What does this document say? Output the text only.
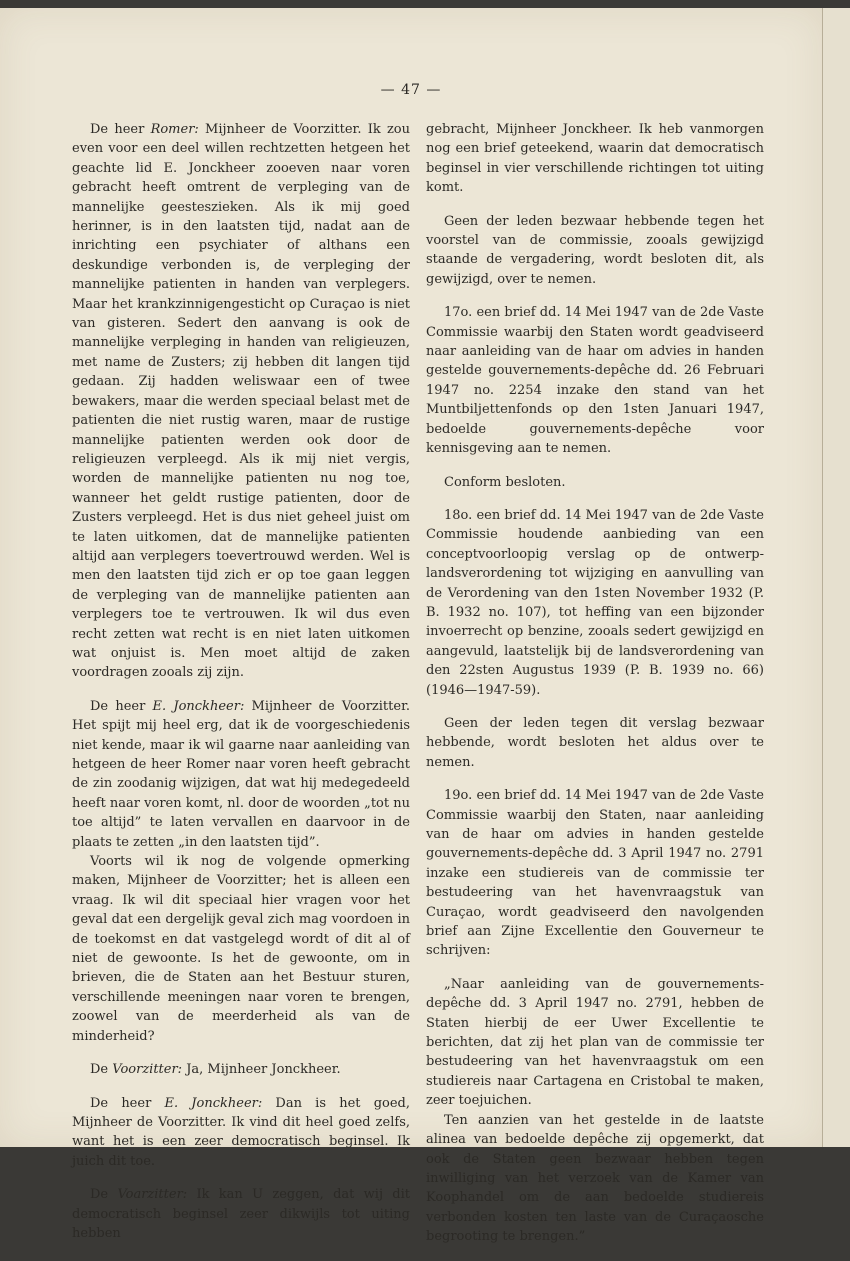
— 47 —

De heer Romer: Mijnheer de Voorzitter. Ik zou even voor een deel willen rechtzetten hetgeen het geachte lid E. Jonckheer zooeven naar voren gebracht heeft omtrent de verpleging van de mannelijke geesteszieken. Als ik mij goed herinner, is in den laatsten tijd, nadat aan de inrichting een psychiater of althans een deskundige verbonden is, de verpleging der mannelijke patienten in handen van verplegers. Maar het krankzinnigengesticht op Curaçao is niet van gisteren. Sedert den aanvang is ook de mannelijke verpleging in handen van religieuzen, met name de Zusters; zij hebben dit langen tijd gedaan. Zij hadden weliswaar een of twee bewakers, maar die werden speciaal belast met de patienten die niet rustig waren, maar de rustige mannelijke patienten werden ook door de religieuzen verpleegd. Als ik mij niet vergis, worden de mannelijke patienten nu nog toe, wanneer het geldt rustige patienten, door de Zusters verpleegd. Het is dus niet geheel juist om te laten uitkomen, dat de mannelijke patienten altijd aan verplegers toevertrouwd werden. Wel is men den laatsten tijd zich er op toe gaan leggen de verpleging van de mannelijke patienten aan verplegers toe te vertrouwen. Ik wil dus even recht zetten wat recht is en niet laten uitkomen wat onjuist is. Men moet altijd de zaken voordragen zooals zij zijn.

De heer E. Jonckheer: Mijnheer de Voorzitter. Het spijt mij heel erg, dat ik de voorgeschiedenis niet kende, maar ik wil gaarne naar aanleiding van hetgeen de heer Romer naar voren heeft gebracht de zin zoodanig wijzigen, dat wat hij medegedeeld heeft naar voren komt, nl. door de woorden „tot nu toe altijd” te laten vervallen en daarvoor in de plaats te zetten „in den laatsten tijd”.

Voorts wil ik nog de volgende opmerking maken, Mijnheer de Voorzitter; het is alleen een vraag. Ik wil dit speciaal hier vragen voor het geval dat een dergelijk geval zich mag voordoen in de toekomst en dat vastgelegd wordt of dit al of niet de gewoonte. Is het de gewoonte, om in brieven, die de Staten aan het Bestuur sturen, verschillende meeningen naar voren te brengen, zoowel van de meerderheid als van de minderheid?

De Voorzitter: Ja, Mijnheer Jonckheer.

De heer E. Jonckheer: Dan is het goed, Mijnheer de Voorzitter. Ik vind dit heel goed zelfs, want het is een zeer democratisch beginsel. Ik juich dit toe.

De Voarzitter: Ik kan U zeggen, dat wij dit democratisch beginsel zeer dikwijls tot uiting hebben

gebracht, Mijnheer Jonckheer. Ik heb vanmorgen nog een brief geteekend, waarin dat democratisch beginsel in vier verschillende richtingen tot uiting komt.

Geen der leden bezwaar hebbende tegen het voorstel van de commissie, zooals gewijzigd staande de vergadering, wordt besloten dit, als gewijzigd, over te nemen.

17o. een brief dd. 14 Mei 1947 van de 2de Vaste Commissie waarbij den Staten wordt geadviseerd naar aanleiding van de haar om advies in handen gestelde gouvernements-depêche dd. 26 Februari 1947 no. 2254 inzake den stand van het Muntbiljettenfonds op den 1sten Januari 1947, bedoelde gouvernements-depêche voor kennisgeving aan te nemen.

Conform besloten.

18o. een brief dd. 14 Mei 1947 van de 2de Vaste Commissie houdende aanbieding van een conceptvoorloopig verslag op de ontwerp-landsverordening tot wijziging en aanvulling van de Verordening van den 1sten November 1932 (P. B. 1932 no. 107), tot heffing van een bijzonder invoerrecht op benzine, zooals sedert gewijzigd en aangevuld, laatstelijk bij de landsverordening van den 22sten Augustus 1939 (P. B. 1939 no. 66) (1946—1947-59).

Geen der leden tegen dit verslag bezwaar hebbende, wordt besloten het aldus over te nemen.

19o. een brief dd. 14 Mei 1947 van de 2de Vaste Commissie waarbij den Staten, naar aanleiding van de haar om advies in handen gestelde gouvernements-depêche dd. 3 April 1947 no. 2791 inzake een studiereis van de commissie ter bestudeering van het havenvraagstuk van Curaçao, wordt geadviseerd den navolgenden brief aan Zijne Excellentie den Gouverneur te schrijven:

„Naar aanleiding van de gouvernements-depêche dd. 3 April 1947 no. 2791, hebben de Staten hierbij de eer Uwer Excellentie te berichten, dat zij het plan van de commissie ter bestudeering van het havenvraagstuk om een studiereis naar Cartagena en Cristobal te maken, zeer toejuichen.

Ten aanzien van het gestelde in de laatste alinea van bedoelde depêche zij opgemerkt, dat ook de Staten geen bezwaar hebben tegen inwilliging van het verzoek van de Kamer van Koophandel om de aan bedoelde studiereis verbonden kosten ten laste van de Curaçaosche begrooting te brengen.”
